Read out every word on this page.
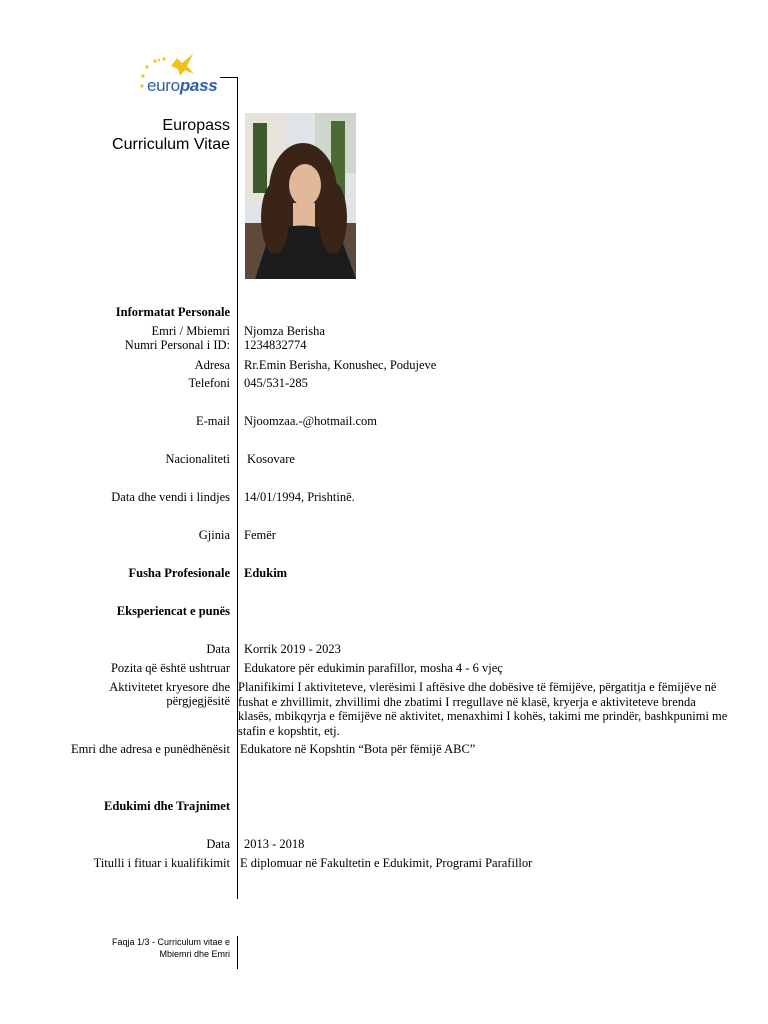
europass
Europass
Curriculum Vitae
Informatat Personale
Emri / Mbiemri Njomza Berisha
Numri Personal i ID: 1234832774
Adresa Rr.Emin Berisha, Konushec, Podujeve
Telefoni 045/531-285
E-mail Njoomzaa.-@hotmail.com
Nacionaliteti Kosovare
Data dhe vendi i lindjes 14/01/1994, Prishtinë.
Gjinia Femër
Fusha Profesionale Edukim
Eksperiencat e punës
Data Korrik 2019 - 2023
Pozita që është ushtruar Edukatore për edukimin parafillor, mosha 4 - 6 vjeç
Aktivitetet kryesore dhe
përgjegjësitë
Planifikimi I aktiviteteve, vlerësimi I aftësive dhe dobësive të fëmijëve, përgatitja e fëmijëve në fushat e zhvillimit, zhvillimi dhe zbatimi I rregullave në klasë, kryerja e aktiviteteve brenda klasës, mbikqyrja e fëmijëve në aktivitet, menaxhimi I kohës, takimi me prindër, bashkpunimi me stafin e kopshtit, etj.
Emri dhe adresa e punëdhënësit Edukatore në Kopshtin “Bota për fëmijë ABC”
Edukimi dhe Trajnimet
Data 2013 - 2018
Titulli i fituar i kualifikimit E diplomuar në Fakultetin e Edukimit, Programi Parafillor
Faqja 1/3 - Curriculum vitae e
Mbiemri dhe Emri
